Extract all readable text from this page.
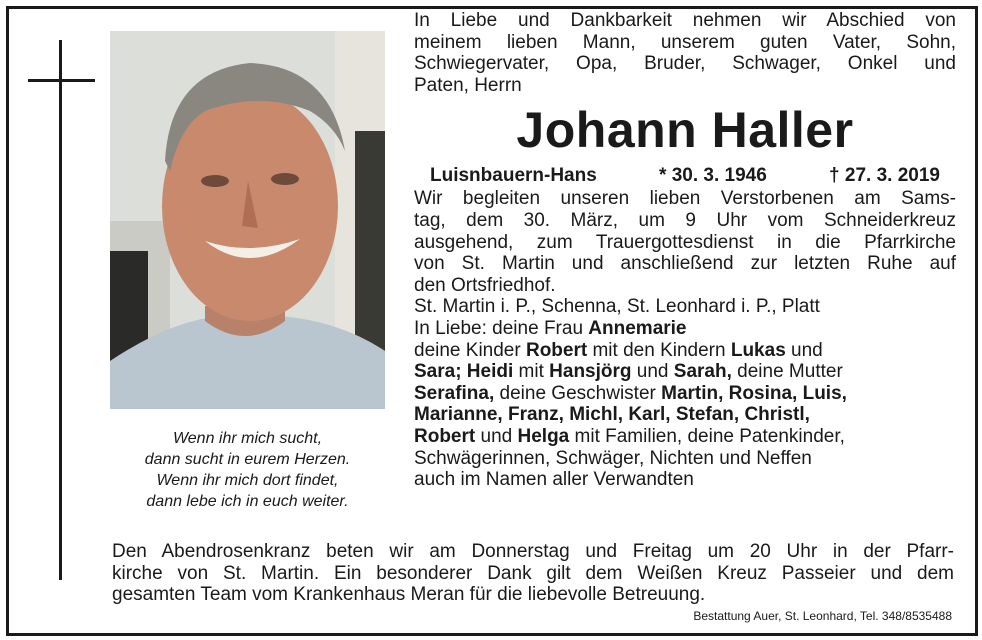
Wenn ihr mich sucht,
dann sucht in eurem Herzen.
Wenn ihr mich dort findet,
dann lebe ich in euch weiter.
In Liebe und Dankbarkeit nehmen wir Abschied von
meinem lieben Mann, unserem guten Vater, Sohn,
Schwiegervater, Opa, Bruder, Schwager, Onkel und
Paten, Herrn
Johann Haller
Luisnbauern-Hans	* 30. 3. 1946	† 27. 3. 2019
Wir begleiten unseren lieben Verstorbenen am Sams-
tag, dem 30. März, um 9 Uhr vom Schneiderkreuz
ausgehend, zum Trauergottesdienst in die Pfarrkirche
von St. Martin und anschließend zur letzten Ruhe auf
den Ortsfriedhof.
St. Martin i. P., Schenna, St. Leonhard i. P., Platt
In Liebe: deine Frau Annemarie
deine Kinder Robert mit den Kindern Lukas und
Sara; Heidi mit Hansjörg und Sarah, deine Mutter
Serafina, deine Geschwister Martin, Rosina, Luis,
Marianne, Franz, Michl, Karl, Stefan, Christl,
Robert und Helga mit Familien, deine Patenkinder,
Schwägerinnen, Schwäger, Nichten und Neffen
auch im Namen aller Verwandten
Den Abendrosenkranz beten wir am Donnerstag und Freitag um 20 Uhr in der Pfarr-
kirche von St. Martin. Ein besonderer Dank gilt dem Weißen Kreuz Passeier und dem
gesamten Team vom Krankenhaus Meran für die liebevolle Betreuung.
Bestattung Auer, St. Leonhard, Tel. 348/8535488
